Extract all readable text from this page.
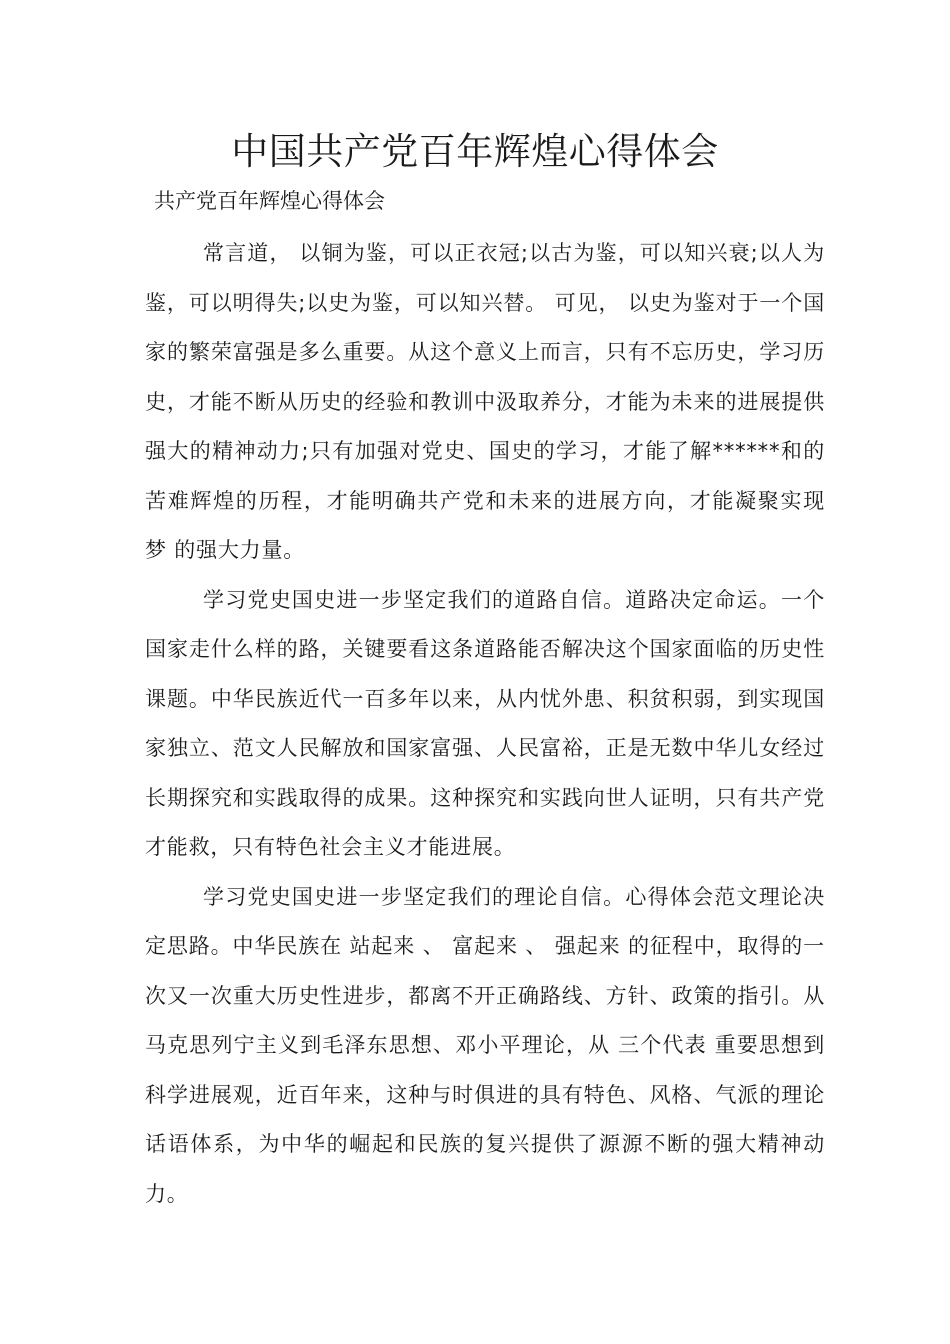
中国共产党百年辉煌心得体会

共产党百年辉煌心得体会

常言道， 以铜为鉴，可以正衣冠;以古为鉴，可以知兴衰;以人为鉴，可以明得失;以史为鉴，可以知兴替。 可见， 以史为鉴对于一个国家的繁荣富强是多么重要。从这个意义上而言，只有不忘历史，学习历史，才能不断从历史的经验和教训中汲取养分，才能为未来的进展提供强大的精神动力;只有加强对党史、国史的学习，才能了解******和的苦难辉煌的历程，才能明确共产党和未来的进展方向，才能凝聚实现 梦 的强大力量。

学习党史国史进一步坚定我们的道路自信。道路决定命运。一个国家走什么样的路，关键要看这条道路能否解决这个国家面临的历史性课题。中华民族近代一百多年以来，从内忧外患、积贫积弱，到实现国家独立、范文人民解放和国家富强、人民富裕，正是无数中华儿女经过长期探究和实践取得的成果。这种探究和实践向世人证明，只有共产党才能救，只有特色社会主义才能进展。

学习党史国史进一步坚定我们的理论自信。心得体会范文理论决定思路。中华民族在 站起来 、 富起来 、 强起来 的征程中，取得的一次又一次重大历史性进步，都离不开正确路线、方针、政策的指引。从马克思列宁主义到毛泽东思想、邓小平理论，从 三个代表 重要思想到科学进展观，近百年来，这种与时俱进的具有特色、风格、气派的理论话语体系，为中华的崛起和民族的复兴提供了源源不断的强大精神动力。
